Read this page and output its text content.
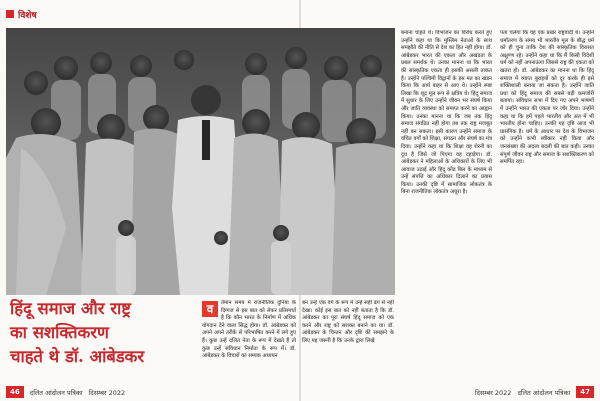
विशेष
हिंदू समाज और राष्ट्र
का सशक्तिकरण
चाहते थे डॉ. आंबेडकर
व	र्तमान समय में राजनीतिक दुनिया के दिग्गज से इस बात को लेकर प्रतिस्पर्धा है कि कौन भारत के निर्माण में अधिक योगदान देने वाला सिद्ध होगा। डॉ. आंबेडकर को अपने अपने तरीके से परिभाषित करने में लगे हुए हैं। कुछ उन्हें दलित नेता के रूप में देखते हैं तो कुछ उन्हें संविधान निर्माता के रूप में। डॉ. आंबेडकर के विचारों का सम्यक अध्ययन

बन उन्हें एक वर्ग के रूप में उन्हें सही ढंग से नहीं देखा। कोई इस बात को नहीं बताता है कि डॉ. आंबेडकर का पूरा संघर्ष हिंदू समाज को एक करने और राष्ट्र को सशक्त बनाने का था। डॉ. आंबेडकर के चिन्तन और दृष्टि की समझने के लिए यह जरूरी है कि उनके द्वारा लिखे

बनाना चाहते थे। विभाजन का विरोध करते हुए उन्होंने कहा था कि मुस्लिम नेताओं के साथ समझौते की नीति से देश का हित नहीं होगा। डॉ. आंबेडकर भारत की एकता और अखंडता के प्रबल समर्थक थे। उनका मानना था कि भारत की सांस्कृतिक एकता ही इसकी असली ताकत है। उन्होंने पश्चिमी विद्वानों के इस मत का खंडन किया कि आर्य बाहर से आए थे। उन्होंने स्पष्ट लिखा कि शूद्र मूल रूप से क्षत्रिय थे। हिंदू समाज में सुधार के लिए उन्होंने जीवन भर संघर्ष किया और जाति व्यवस्था को समाप्त करने का आह्वान किया। उनका मानना था कि जब तक हिंदू समाज संगठित नहीं होगा तब तक राष्ट्र मजबूत नहीं बन सकता। इसी कारण उन्होंने समाज के वंचित वर्गों को शिक्षा, संगठन और संघर्ष का मंत्र दिया। उन्होंने कहा था कि शिक्षा वह शेरनी का दूध है जिसे जो पिएगा वह दहाड़ेगा। डॉ. आंबेडकर ने महिलाओं के अधिकारों के लिए भी आवाज उठाई और हिंदू कोड बिल के माध्यम से उन्हें संपत्ति का अधिकार दिलाने का प्रयास किया। उनकी दृष्टि में सामाजिक लोकतंत्र के बिना राजनीतिक लोकतंत्र अधूरा है।

पता चलेगा कि वह एक प्रखर राष्ट्रवादी थे। उन्होंने धर्मांतरण के समय भी भारतीय मूल के बौद्ध धर्म को ही चुना ताकि देश की सांस्कृतिक विरासत अक्षुण्ण रहे। उन्होंने कहा था कि मैं किसी विदेशी धर्म को नहीं अपनाऊंगा जिससे राष्ट्र की एकता को खतरा हो। डॉ. आंबेडकर का मानना था कि हिंदू समाज में व्याप्त बुराइयों को दूर करके ही इसे शक्तिशाली बनाया जा सकता है। उन्होंने जाति प्रथा को हिंदू समाज की सबसे बड़ी कमजोरी बताया। संविधान सभा में दिए गए अपने भाषणों में उन्होंने भारत की एकता पर जोर दिया। उन्होंने कहा था कि हमें पहले भारतीय और अंत में भी भारतीय होना चाहिए। उनकी यह दृष्टि आज भी प्रासंगिक है। धर्म के आधार पर देश के विभाजन को उन्होंने कभी स्वीकार नहीं किया और जनसंख्या की अदला बदली की बात कही। उनका संपूर्ण जीवन राष्ट्र और समाज के सशक्तिकरण को समर्पित रहा।

46	दलित आंदोलन पत्रिका दिसम्बर 2022	दिसम्बर 2022 दलित आंदोलन पत्रिका	47
